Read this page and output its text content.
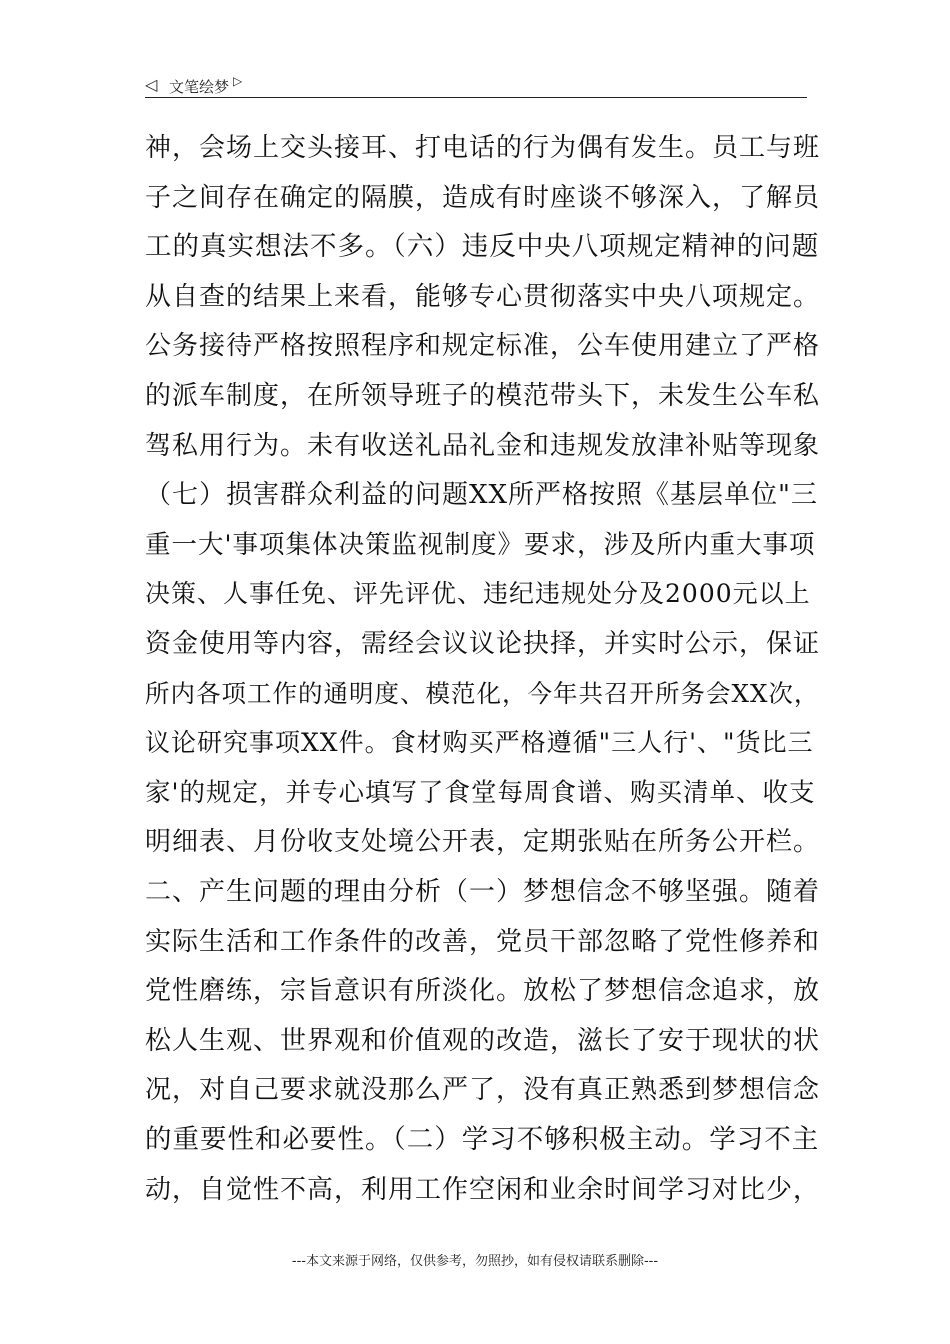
◁ 文笔绘梦 ▷
神，会场上交头接耳、打电话的行为偶有发生。员工与班
子之间存在确定的隔膜，造成有时座谈不够深入，了解员
工的真实想法不多。（六）违反中央八项规定精神的问题
从自查的结果上来看，能够专心贯彻落实中央八项规定。
公务接待严格按照程序和规定标准，公车使用建立了严格
的派车制度，在所领导班子的模范带头下，未发生公车私
驾私用行为。未有收送礼品礼金和违规发放津补贴等现象
（七）损害群众利益的问题XX所严格按照《基层单位"三
重一大'事项集体决策监视制度》要求，涉及所内重大事项
决策、人事任免、评先评优、违纪违规处分及2000元以上
资金使用等内容，需经会议议论抉择，并实时公示，保证
所内各项工作的通明度、模范化，今年共召开所务会XX次，
议论研究事项XX件。食材购买严格遵循"三人行'、"货比三
家'的规定，并专心填写了食堂每周食谱、购买清单、收支
明细表、月份收支处境公开表，定期张贴在所务公开栏。
二、产生问题的理由分析（一）梦想信念不够坚强。随着
实际生活和工作条件的改善，党员干部忽略了党性修养和
党性磨练，宗旨意识有所淡化。放松了梦想信念追求，放
松人生观、世界观和价值观的改造，滋长了安于现状的状
况，对自己要求就没那么严了，没有真正熟悉到梦想信念
的重要性和必要性。（二）学习不够积极主动。学习不主
动，自觉性不高，利用工作空闲和业余时间学习对比少，
---本文来源于网络，仅供参考，勿照抄，如有侵权请联系删除---
